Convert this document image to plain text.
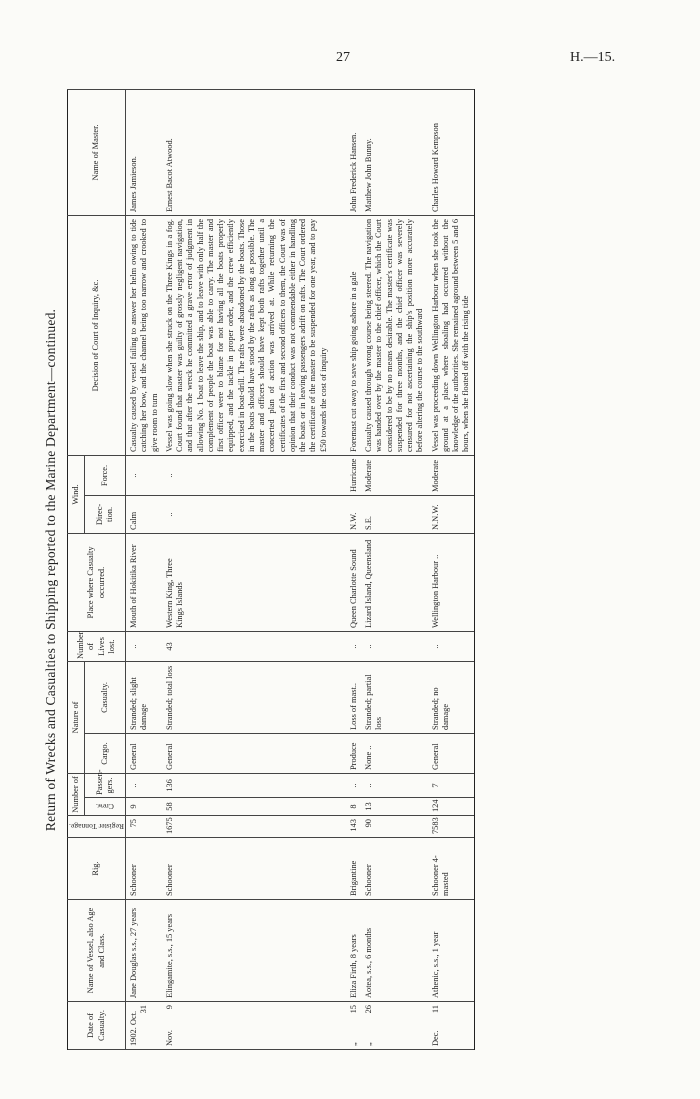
27	H.—15.
Return of Wrecks and Casualties to Shipping reported to the Marine Department—continued.
Date of Casualty.	Name of Vessel, also Age and Class.	Rig.	Register Tonnage.	Number of		Nature of		Number of Lives lost.	Place where Casualty occurred.	Wind.		Decision of Court of Inquiry, &c.	Name of Master.

				Crew.	Passen-gers.	Cargo.	Casualty.			Direc-tion.	Force.		
1902. Oct.
31	Jane Douglas s.s., 27 years	Schooner	75	9	..	General	Stranded; slight damage	..	Mouth of Hokitika River	Calm	..	Casualty caused by vessel failing to answer her helm owing to tide catching her bow, and the channel being too narrow and crooked to give room to turn	James Jamieson.
Nov.
9	Elingamite, s.s., 15 years	Schooner	1675	58	136	General	Stranded; total loss	43	Western King, Three Kings Islands	..	..	Vessel was going slow when she struck on the Three Kings in a fog. Court found that master was guilty of grossly negligent navigation, and that after the wreck he committed a grave error of judgment in allowing No. 1 boat to leave the ship, and to leave with only half the complement of people the boat was able to carry. The master and first officer were to blame for not having all the boats properly equipped, and the tackle in proper order, and the crew efficiently exercised in boat-drill. The rafts were abandoned by the boats. Those in the boats should have stood by the rafts as long as possible. The master and officers should have kept both rafts together until a concerted plan of action was arrived at. While returning the certificates of the first and second officers to them, the Court was of opinion that their conduct was not commendable either in handling the boats or in leaving passengers adrift on rafts. The Court ordered the certificate of the master to be suspended for one year, and to pay £50 towards the cost of inquiry	Ernest Bacot Atwood.

„
15	Eliza Firth, 8 years	Brigantine	143	8	..	Produce	Loss of mast..	..	Queen Charlotte Sound	N.W.	Hurricane	Foremast cut away to save ship going ashore in a gale	John Frederick Hansen.
„
26	Aotea, s.s., 6 months	Schooner	90	13	..	None ..	Stranded; partial loss	..	Lizard Island, Queensland	S.E.	Moderate	Casualty caused through wrong course being steered. The navigation was handed over by the master to the chief officer, which the Court considered to be by no means desirable. The master's certificate was suspended for three months, and the chief officer was severely censured for not ascertaining the ship's position more accurately before altering the course to the southward	Matthew John Bunny.
Dec.
11	Athenic, s.s., 1 year	Schooner 4-masted	7583	124	7	General	Stranded; no damage	..	Wellington Harbour ..	N.N.W.	Moderate	Vessel was proceeding down Wellington Harbour when she took the ground at a place where shoaling had occurred without the knowledge of the authorities. She remained aground between 5 and 6 hours, when she floated off with the rising tide	Charles Howard Kempson
